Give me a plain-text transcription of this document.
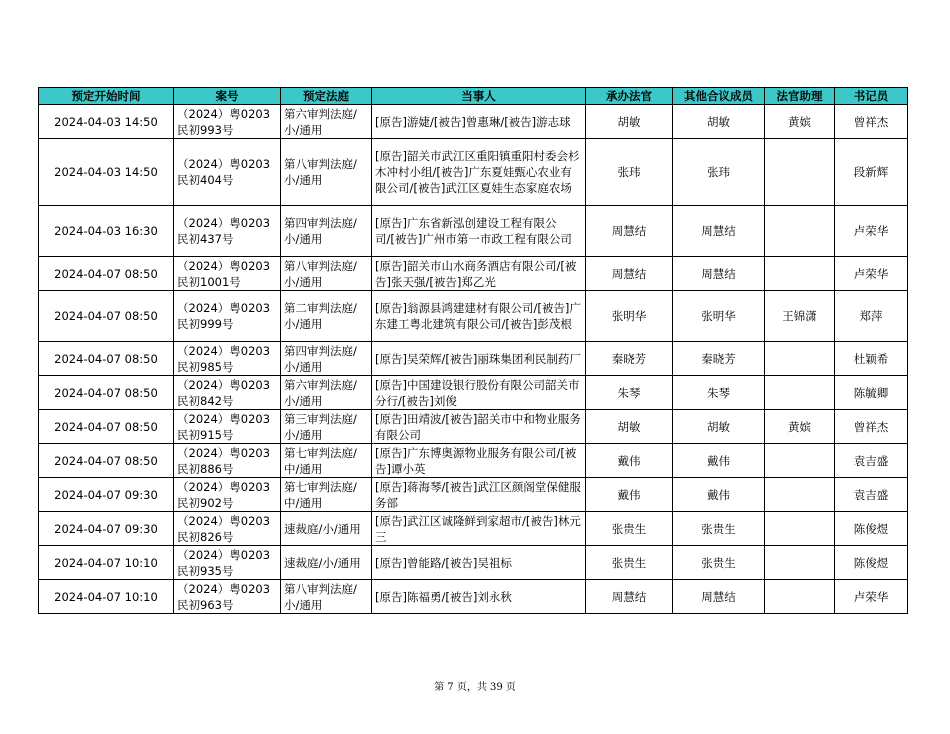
预定开始时间	案号	预定法庭	当事人	承办法官	其他合议成员	法官助理	书记员
2024-04-03 14:50	（2024）粤0203民初993号	第六审判法庭/小/通用	[原告]游婕/[被告]曾惠琳/[被告]游志球	胡敏	胡敏	黄嫔	曾祥杰
2024-04-03 14:50	（2024）粤0203民初404号	第八审判法庭/小/通用	[原告]韶关市武江区重阳镇重阳村委会杉木冲村小组/[被告]广东夏娃甄心农业有限公司/[被告]武江区夏娃生态家庭农场	张玮	张玮		段新辉
2024-04-03 16:30	（2024）粤0203民初437号	第四审判法庭/小/通用	[原告]广东省新泓创建设工程有限公司/[被告]广州市第一市政工程有限公司	周慧结	周慧结		卢荣华
2024-04-07 08:50	（2024）粤0203民初1001号	第八审判法庭/小/通用	[原告]韶关市山水商务酒店有限公司/[被告]张天强/[被告]郑乙光	周慧结	周慧结		卢荣华
2024-04-07 08:50	（2024）粤0203民初999号	第二审判法庭/小/通用	[原告]翁源县鸿建建材有限公司/[被告]广东建工粤北建筑有限公司/[被告]彭茂根	张明华	张明华	王锦潇	郑萍
2024-04-07 08:50	（2024）粤0203民初985号	第四审判法庭/小/通用	[原告]吴荣辉/[被告]丽珠集团利民制药厂	秦晓芳	秦晓芳		杜颖希
2024-04-07 08:50	（2024）粤0203民初842号	第六审判法庭/小/通用	[原告]中国建设银行股份有限公司韶关市分行/[被告]刘俊	朱琴	朱琴		陈毓卿
2024-04-07 08:50	（2024）粤0203民初915号	第三审判法庭/小/通用	[原告]田靖波/[被告]韶关市中和物业服务有限公司	胡敏	胡敏	黄嫔	曾祥杰
2024-04-07 08:50	（2024）粤0203民初886号	第七审判法庭/中/通用	[原告]广东博奥源物业服务有限公司/[被告]谭小英	戴伟	戴伟		袁吉盛
2024-04-07 09:30	（2024）粤0203民初902号	第七审判法庭/中/通用	[原告]蒋海琴/[被告]武江区颜阁堂保健服务部	戴伟	戴伟		袁吉盛
2024-04-07 09:30	（2024）粤0203民初826号	速裁庭/小/通用	[原告]武江区诚隆鲜到家超市/[被告]林元三	张贵生	张贵生		陈俊煜
2024-04-07 10:10	（2024）粤0203民初935号	速裁庭/小/通用	[原告]曾能路/[被告]吴祖标	张贵生	张贵生		陈俊煜
2024-04-07 10:10	（2024）粤0203民初963号	第八审判法庭/小/通用	[原告]陈福勇/[被告]刘永秋	周慧结	周慧结		卢荣华
第 7 页，共 39 页
